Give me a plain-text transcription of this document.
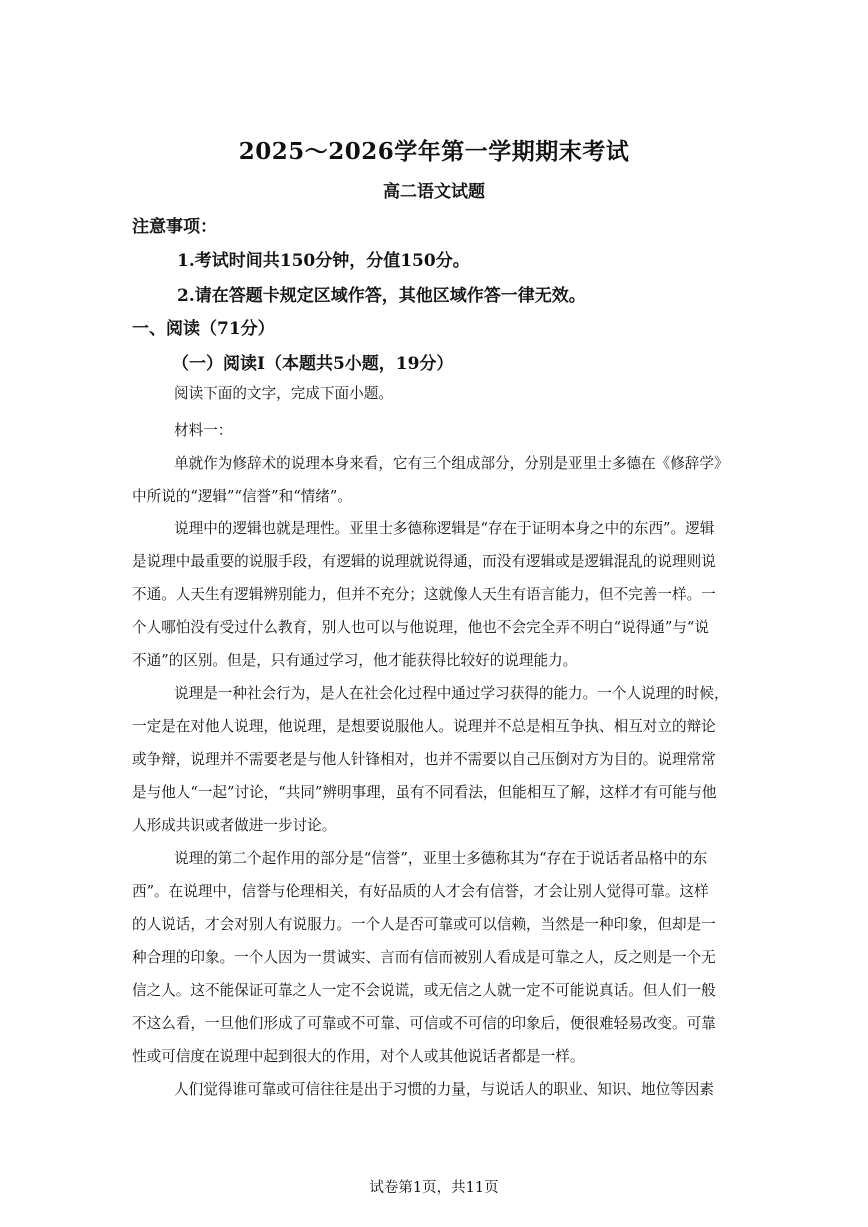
2025～2026学年第一学期期末考试
高二语文试题
注意事项：
1.考试时间共150分钟，分值150分。
2.请在答题卡规定区域作答，其他区域作答一律无效。
一、阅读（71分）
（一）阅读Ⅰ（本题共5小题，19分）
阅读下面的文字，完成下面小题。
材料一：
单就作为修辞术的说理本身来看，它有三个组成部分，分别是亚里士多德在《修辞学》
中所说的“逻辑”“信誉”和“情绪”。
说理中的逻辑也就是理性。亚里士多德称逻辑是“存在于证明本身之中的东西”。逻辑
是说理中最重要的说服手段，有逻辑的说理就说得通，而没有逻辑或是逻辑混乱的说理则说
不通。人天生有逻辑辨别能力，但并不充分；这就像人天生有语言能力，但不完善一样。一
个人哪怕没有受过什么教育，别人也可以与他说理，他也不会完全弄不明白“说得通”与“说
不通”的区别。但是，只有通过学习，他才能获得比较好的说理能力。
说理是一种社会行为，是人在社会化过程中通过学习获得的能力。一个人说理的时候，
一定是在对他人说理，他说理，是想要说服他人。说理并不总是相互争执、相互对立的辩论
或争辩，说理并不需要老是与他人针锋相对，也并不需要以自己压倒对方为目的。说理常常
是与他人“一起”讨论，“共同”辨明事理，虽有不同看法，但能相互了解，这样才有可能与他
人形成共识或者做进一步讨论。
说理的第二个起作用的部分是“信誉”，亚里士多德称其为“存在于说话者品格中的东
西”。在说理中，信誉与伦理相关，有好品质的人才会有信誉，才会让别人觉得可靠。这样
的人说话，才会对别人有说服力。一个人是否可靠或可以信赖，当然是一种印象，但却是一
种合理的印象。一个人因为一贯诚实、言而有信而被别人看成是可靠之人，反之则是一个无
信之人。这不能保证可靠之人一定不会说谎，或无信之人就一定不可能说真话。但人们一般
不这么看，一旦他们形成了可靠或不可靠、可信或不可信的印象后，便很难轻易改变。可靠
性或可信度在说理中起到很大的作用，对个人或其他说话者都是一样。
人们觉得谁可靠或可信往往是出于习惯的力量，与说话人的职业、知识、地位等因素
试卷第1页，共11页
